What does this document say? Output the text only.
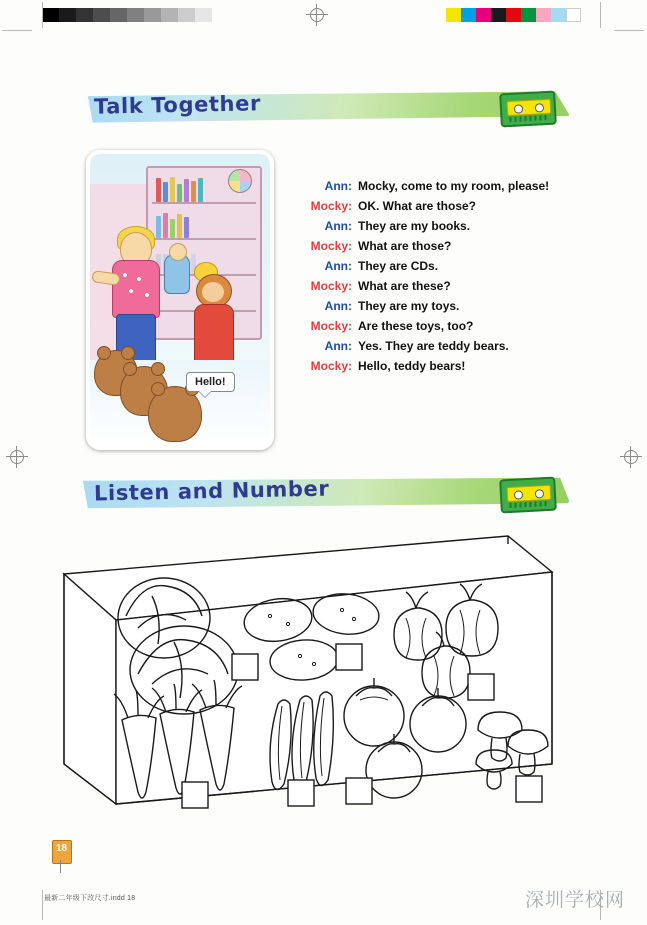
Talk Together
Hello!
Ann: Mocky, come to my room, please!
Mocky: OK. What are those?
Ann: They are my books.
Mocky: What are those?
Ann: They are CDs.
Mocky: What are these?
Ann: They are my toys.
Mocky: Are these toys, too?
Ann: Yes. They are teddy bears.
Mocky: Hello, teddy bears!
Listen and Number
18
最新二年级下改尺寸.indd 18	深圳学校网
